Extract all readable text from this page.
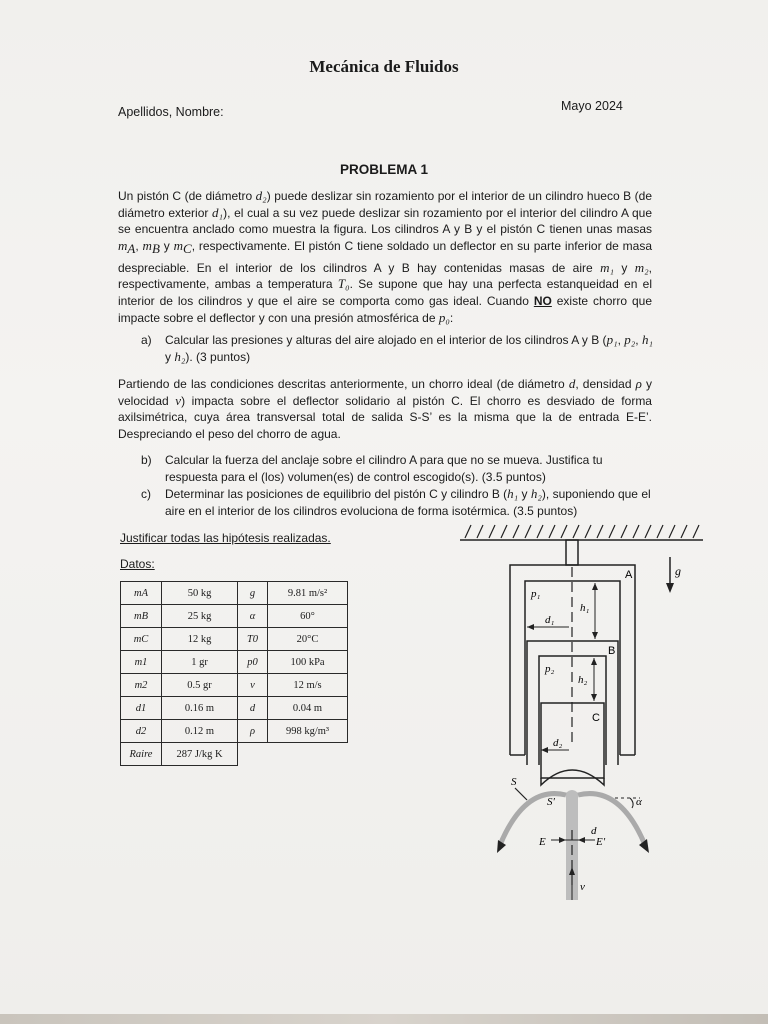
Mecánica de Fluidos
Apellidos, Nombre:	Mayo 2024
PROBLEMA 1
Un pistón C (de diámetro d₂) puede deslizar sin rozamiento por el interior de un cilindro hueco B (de diámetro exterior d₁), el cual a su vez puede deslizar sin rozamiento por el interior del cilindro A que se encuentra anclado como muestra la figura. Los cilindros A y B y el pistón C tienen unas masas $m_A$, $m_B$ y $m_C$, respectivamente. El pistón C tiene soldado un deflector en su parte inferior de masa despreciable. En el interior de los cilindros A y B hay contenidas masas de aire m₁ y m₂, respectivamente, ambas a temperatura T₀. Se supone que hay una perfecta estanqueidad en el interior de los cilindros y que el aire se comporta como gas ideal. Cuando NO existe chorro que impacte sobre el deflector y con una presión atmosférica de p₀:
a) Calcular las presiones y alturas del aire alojado en el interior de los cilindros A y B (p₁, p₂, h₁ y h₂). (3 puntos)
Partiendo de las condiciones descritas anteriormente, un chorro ideal (de diámetro d, densidad ρ y velocidad v) impacta sobre el deflector solidario al pistón C. El chorro es desviado de forma axilsimétrica, cuya área transversal total de salida S-S’ es la misma que la de entrada E-E’. Despreciando el peso del chorro de agua.
b) Calcular la fuerza del anclaje sobre el cilindro A para que no se mueva. Justifica tu respuesta para el (los) volumen(es) de control escogido(s). (3.5 puntos)
c) Determinar las posiciones de equilibrio del pistón C y cilindro B (h₁ y h₂), suponiendo que el aire en el interior de los cilindros evoluciona de forma isotérmica. (3.5 puntos)
Justificar todas las hipótesis realizadas.
Datos:
mA	50 kg	g	9.81 m/s²
mB	25 kg	α	60°
mC	12 kg	T0	20°C
m1	1 gr	p0	100 kPa
m2	0.5 gr	v	12 m/s
d1	0.16 m	d	0.04 m
d2	0.12 m	ρ	998 kg/m³
Raire	287 J/kg K		
A
B
C
p₁
p₂
h₁
h₂
d₁
d₂
g
S
S′	α
E	E′
d
v
